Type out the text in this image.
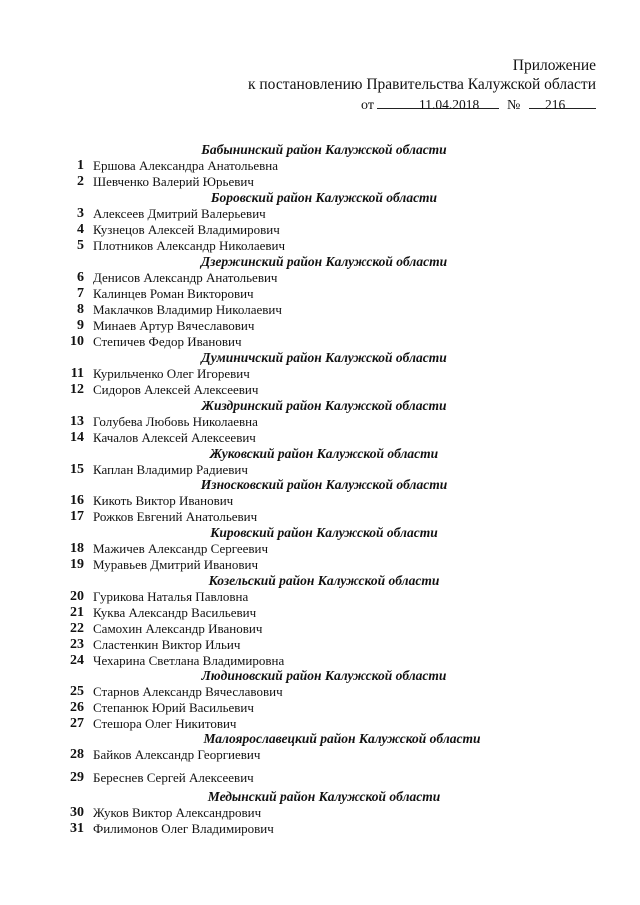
Приложение
к постановлению Правительства Калужской области
от	11.04.2018 № 216
Бабынинский район Калужской области
1 Ершова Александра Анатольевна
2 Шевченко Валерий Юрьевич
Боровский район Калужской области
3 Алексеев Дмитрий Валерьевич
4 Кузнецов Алексей Владимирович
5 Плотников Александр Николаевич
Дзержинский район Калужской области
6 Денисов Александр Анатольевич
7 Калинцев Роман Викторович
8 Маклачков Владимир Николаевич
9 Минаев Артур Вячеславович
10 Степичев Федор Иванович
Думиничский район Калужской области
11 Курильченко Олег Игоревич
12 Сидоров Алексей Алексеевич
Жиздринский район Калужской области
13 Голубева Любовь Николаевна
14 Качалов Алексей Алексеевич
Жуковский район Калужской области
15 Каплан Владимир Радиевич
Износковский район Калужской области
16 Кикоть Виктор Иванович
17 Рожков Евгений Анатольевич
Кировский район Калужской области
18 Мажичев Александр Сергеевич
19 Муравьев Дмитрий Иванович
Козельский район Калужской области
20 Гурикова Наталья Павловна
21 Куква Александр Васильевич
22 Самохин Александр Иванович
23 Сластенкин Виктор Ильич
24 Чехарина Светлана Владимировна
Людиновский район Калужской области
25 Старнов Александр Вячеславович
26 Степанюк Юрий Васильевич
27 Стешора Олег Никитович
Малоярославецкий район Калужской области
28 Байков Александр Георгиевич
29 Береснев Сергей Алексеевич
Медынский район Калужской области
30 Жуков Виктор Александрович
31 Филимонов Олег Владимирович
